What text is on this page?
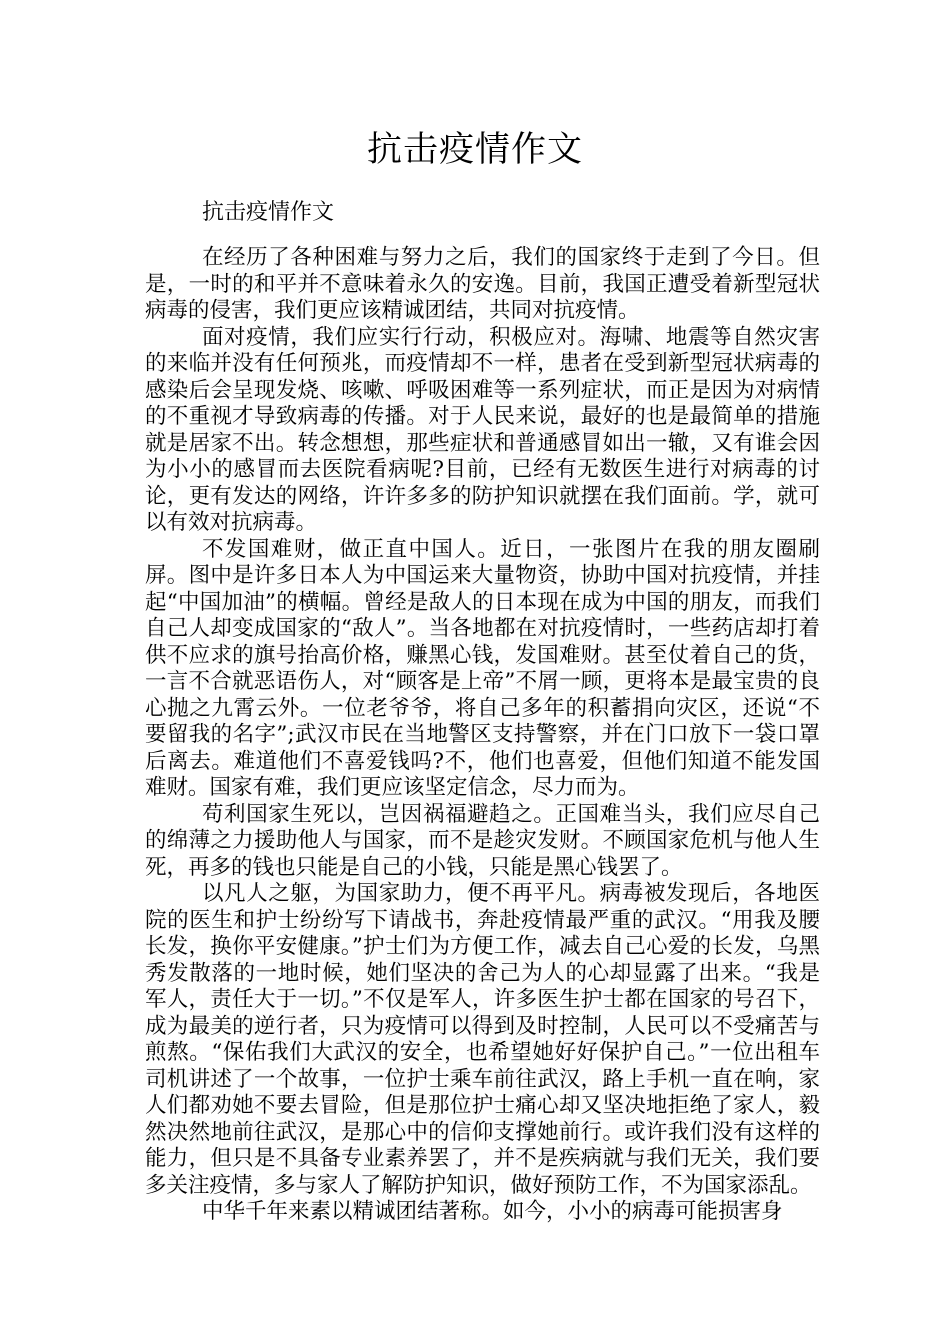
抗击疫情作文
抗击疫情作文

在经历了各种困难与努力之后，我们的国家终于走到了今日。但是，一时的和平并不意味着永久的安逸。目前，我国正遭受着新型冠状病毒的侵害，我们更应该精诚团结，共同对抗疫情。

面对疫情，我们应实行行动，积极应对。海啸、地震等自然灾害的来临并没有任何预兆，而疫情却不一样，患者在受到新型冠状病毒的感染后会呈现发烧、咳嗽、呼吸困难等一系列症状，而正是因为对病情的不重视才导致病毒的传播。对于人民来说，最好的也是最简单的措施就是居家不出。转念想想，那些症状和普通感冒如出一辙，又有谁会因为小小的感冒而去医院看病呢?目前，已经有无数医生进行对病毒的讨论，更有发达的网络，许许多多的防护知识就摆在我们面前。学，就可以有效对抗病毒。

不发国难财，做正直中国人。近日，一张图片在我的朋友圈刷屏。图中是许多日本人为中国运来大量物资，协助中国对抗疫情，并挂起“中国加油”的横幅。曾经是敌人的日本现在成为中国的朋友，而我们自己人却变成国家的“敌人”。当各地都在对抗疫情时，一些药店却打着供不应求的旗号抬高价格，赚黑心钱，发国难财。甚至仗着自己的货，一言不合就恶语伤人，对“顾客是上帝”不屑一顾，更将本是最宝贵的良心抛之九霄云外。一位老爷爷，将自己多年的积蓄捐向灾区，还说“不要留我的名字”;武汉市民在当地警区支持警察，并在门口放下一袋口罩后离去。难道他们不喜爱钱吗?不，他们也喜爱，但他们知道不能发国难财。国家有难，我们更应该坚定信念，尽力而为。

苟利国家生死以，岂因祸福避趋之。正国难当头，我们应尽自己的绵薄之力援助他人与国家，而不是趁灾发财。不顾国家危机与他人生死，再多的钱也只能是自己的小钱，只能是黑心钱罢了。

以凡人之躯，为国家助力，便不再平凡。病毒被发现后，各地医院的医生和护士纷纷写下请战书，奔赴疫情最严重的武汉。“用我及腰长发，换你平安健康。”护士们为方便工作，减去自己心爱的长发，乌黑秀发散落的一地时候，她们坚决的舍己为人的心却显露了出来。“我是军人，责任大于一切。”不仅是军人，许多医生护士都在国家的号召下，成为最美的逆行者，只为疫情可以得到及时控制，人民可以不受痛苦与煎熬。“保佑我们大武汉的安全，也希望她好好保护自己。”一位出租车司机讲述了一个故事，一位护士乘车前往武汉，路上手机一直在响，家人们都劝她不要去冒险，但是那位护士痛心却又坚决地拒绝了家人，毅然决然地前往武汉，是那心中的信仰支撑她前行。或许我们没有这样的能力，但只是不具备专业素养罢了，并不是疾病就与我们无关，我们要多关注疫情，多与家人了解防护知识，做好预防工作，不为国家添乱。

中华千年来素以精诚团结著称。如今，小小的病毒可能损害身
